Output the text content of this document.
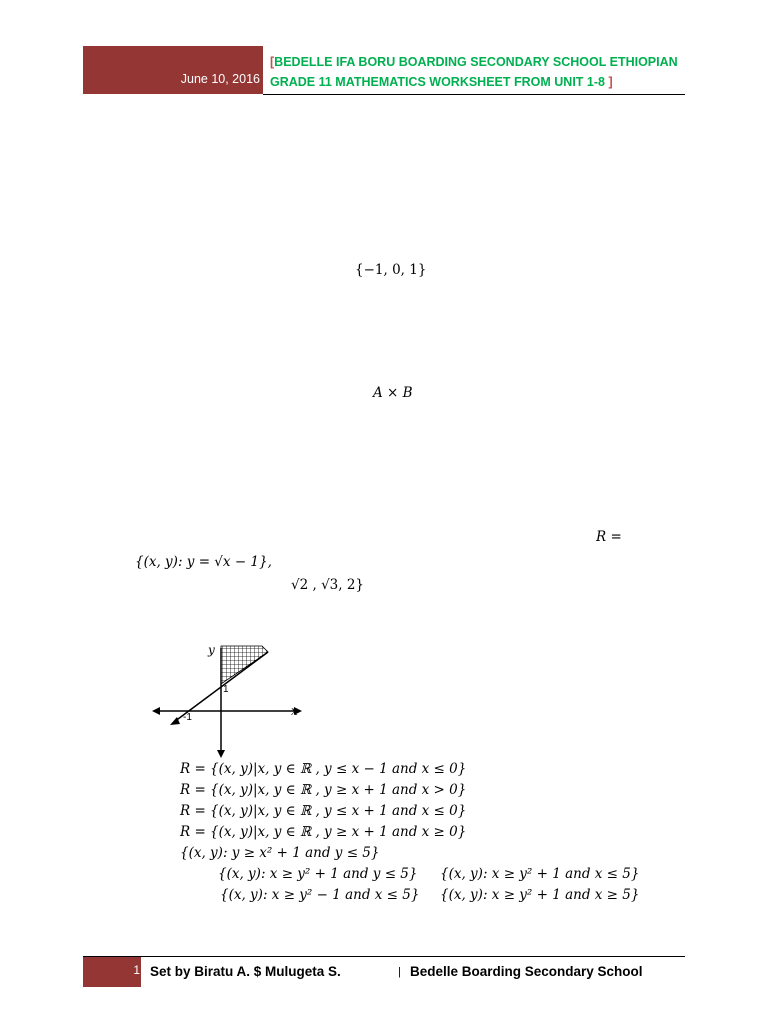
June 10, 2016
[BEDELLE IFA BORU BOARDING SECONDARY SCHOOL ETHIOPIAN
GRADE 11 MATHEMATICS WORKSHEET FROM UNIT 1-8 ]
{−1, 0, 1}
A × B
R =
{(x, y): y = √x − 1},
√2 , √3, 2}
y
x
1
-1
R = {(x, y)|x, y ∈ ℝ , y ≤ x − 1 and x ≤ 0}
R = {(x, y)|x, y ∈ ℝ , y ≥ x + 1 and x > 0}
R = {(x, y)|x, y ∈ ℝ , y ≤ x + 1 and x ≤ 0}
R = {(x, y)|x, y ∈ ℝ , y ≥ x + 1 and x ≥ 0}
{(x, y): y ≥ x² + 1 and y ≤ 5}
{(x, y): x ≥ y² + 1 and y ≤ 5} {(x, y): x ≥ y² + 1 and x ≤ 5}
{(x, y): x ≥ y² − 1 and x ≤ 5} {(x, y): x ≥ y² + 1 and x ≥ 5}
1 Set by Biratu A. $ Mulugeta S.	| Bedelle Boarding Secondary School
